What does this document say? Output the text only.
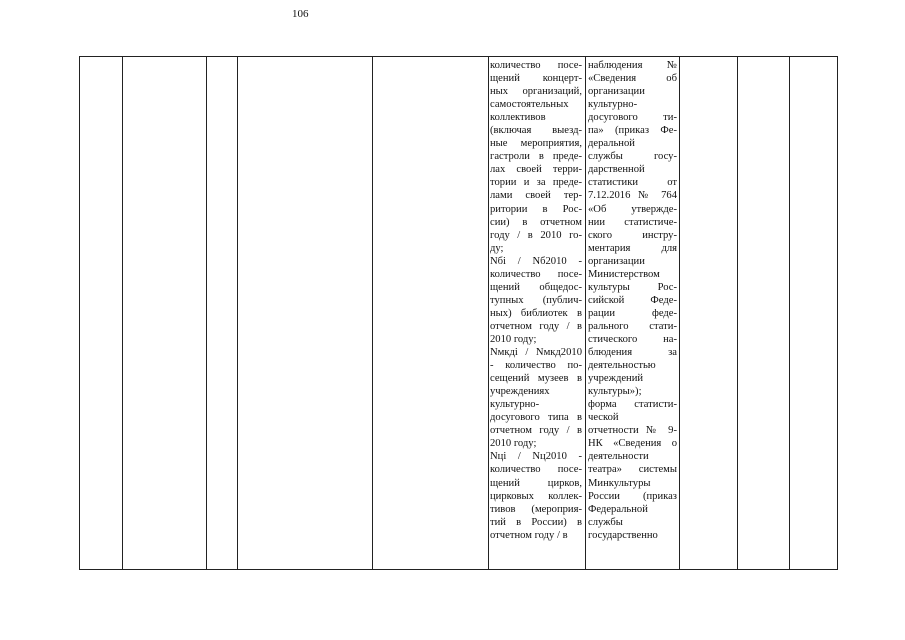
106
количество посе-
щений концерт-
ных организаций,
самостоятельных
коллективов
(включая выезд-
ные мероприятия,
гастроли в преде-
лах своей терри-
тории и за преде-
лами своей тер-
ритории в Рос-
сии) в отчетном
году / в 2010 го-
ду;
Nбi / Nб2010 -
количество посе-
щений общедос-
тупных (публич-
ных) библиотек в
отчетном году / в
2010 году;
Nмкдi / Nмкд2010
- количество по-
сещений музеев в
учреждениях
культурно-
досугового типа в
отчетном году / в
2010 году;
Nцi / Nц2010 -
количество посе-
щений цирков,
цирковых коллек-
тивов (мероприя-
тий в России) в
отчетном году / в
наблюдения №
«Сведения об
организации
культурно-
досугового ти-
па» (приказ Фе-
деральной
службы госу-
дарственной
статистики от
7.12.2016 № 764
«Об утвержде-
нии статистиче-
ского инстру-
ментария для
организации
Министерством
культуры Рос-
сийской Феде-
рации феде-
рального стати-
стического на-
блюдения за
деятельностью
учреждений
культуры»);
форма статисти-
ческой
отчетности № 9-
НК «Сведения о
деятельности
театра» системы
Минкультуры
России (приказ
Федеральной
службы
государственно
